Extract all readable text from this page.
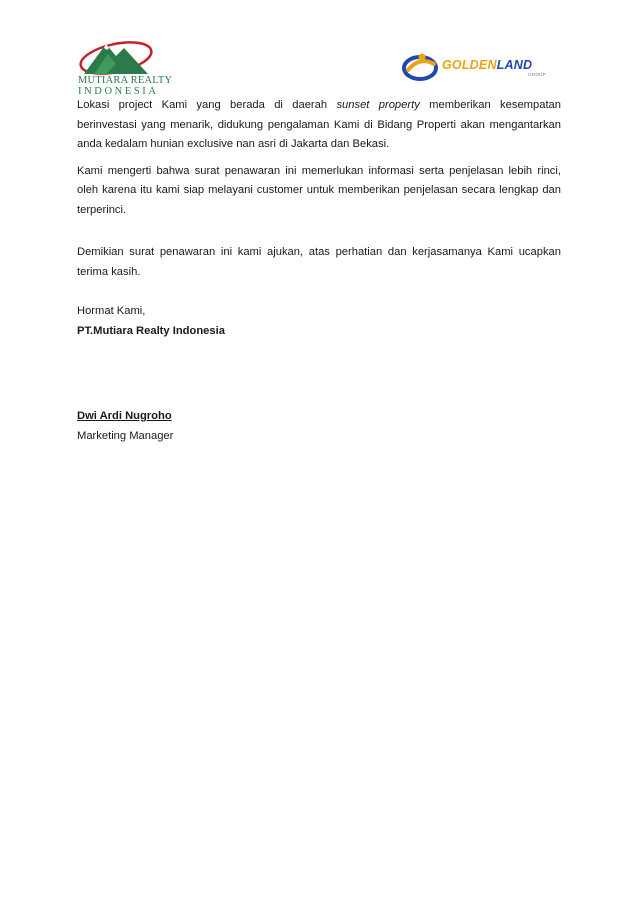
MUTIARA REALTY
INDONESIA
GOLDENLAND
GROUP

Lokasi project Kami yang berada di daerah sunset property memberikan kesempatan berinvestasi yang menarik, didukung pengalaman Kami di Bidang Properti akan mengantarkan anda kedalam hunian exclusive nan asri di Jakarta dan Bekasi.

Kami mengerti bahwa surat penawaran ini memerlukan informasi serta penjelasan lebih rinci, oleh karena itu kami siap melayani customer untuk memberikan penjelasan secara lengkap dan terperinci.

Demikian surat penawaran ini kami ajukan, atas perhatian dan kerjasamanya Kami ucapkan terima kasih.

Hormat Kami,
PT.Mutiara Realty Indonesia
Dwi Ardi Nugroho
Marketing Manager
